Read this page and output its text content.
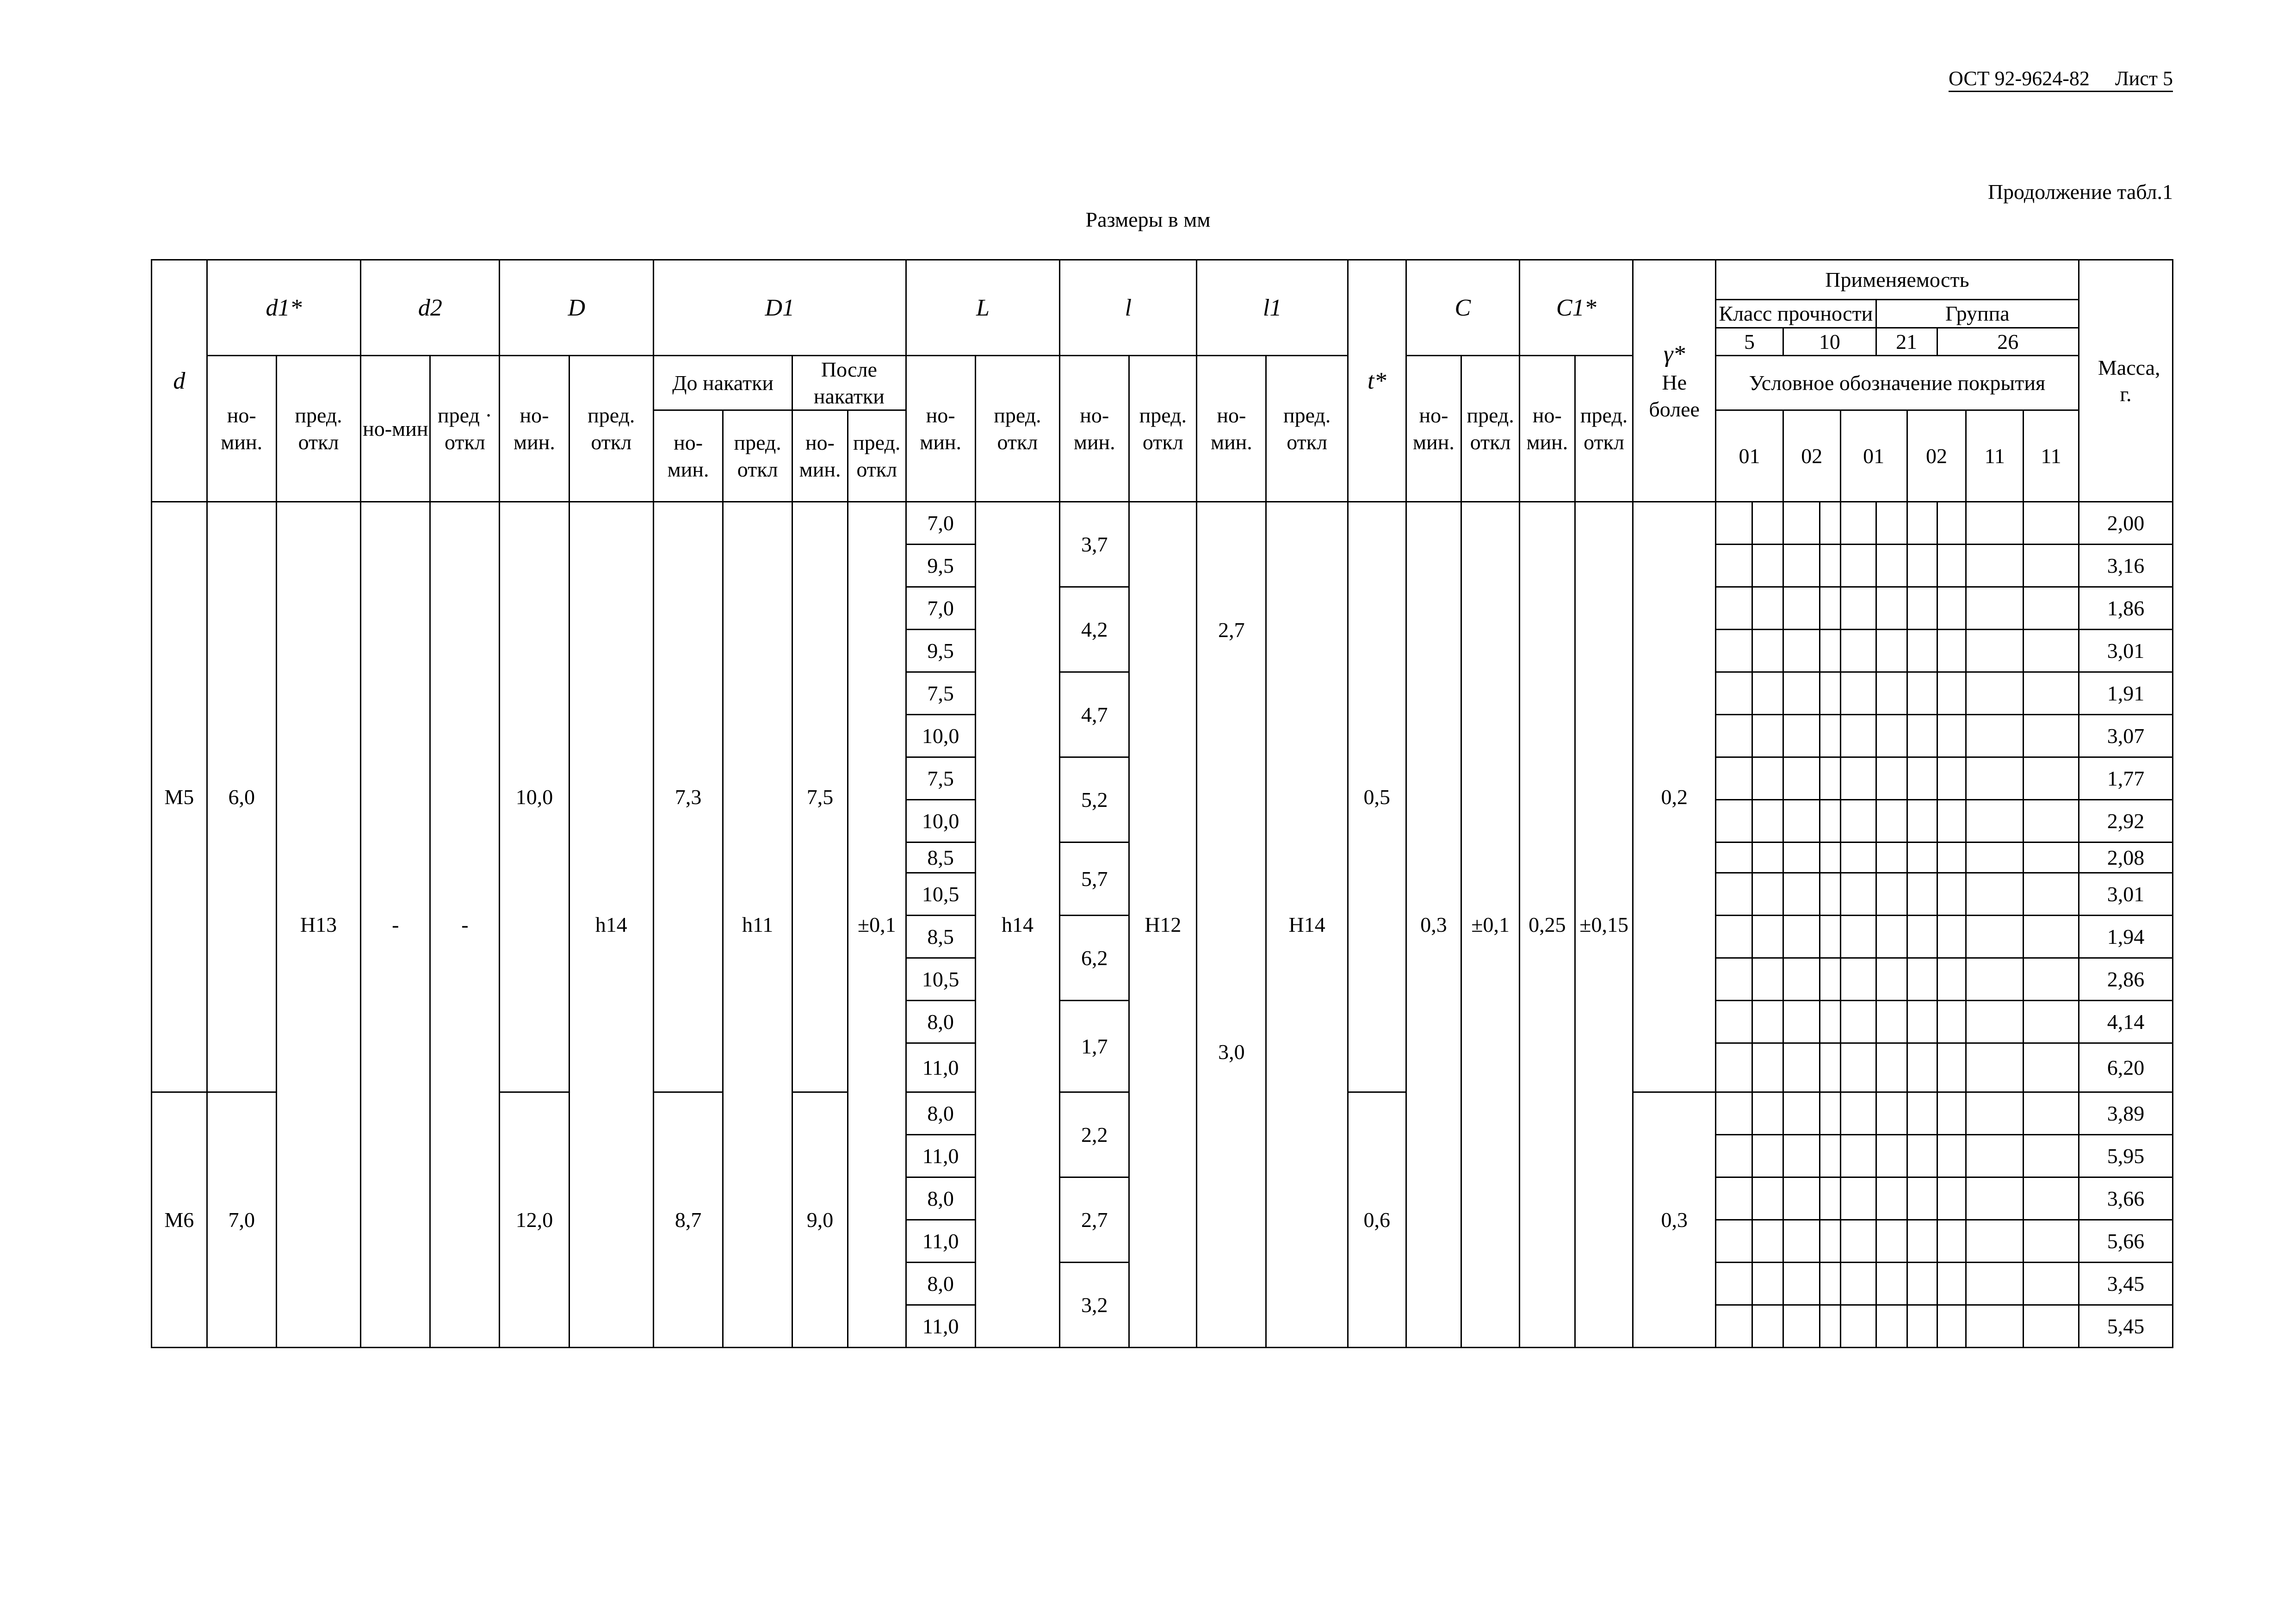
ОСТ 92-9624-82 Лист 5
Продолжение табл.1
Размеры в мм
d	d1*		d2		D		D1				L		l		l1		t*	C		C1*		γ*
Не более	Применяемость										Масса, г.
																							Класс прочности					Группа					
																							5		10			21		26			
	но-мин.	пред. откл	но-мин	пред · откл	но-мин.	пред. откл	До накатки		После накатки		но-мин.	пред. откл	но-мин.	пред. откл	но-мин.	пред. откл		но-мин.	пред. откл	но-мин.	пред. откл		Условное обозначение покрытия										
							но-мин.	пред. откл	но-мин.	пред. откл													01		02		01		02		11	11	
M5	6,0	H13	-	-	10,0	h14	7,3	h11	7,5	±0,1	7,0	h14	3,7	H12	2,7	H14	0,5	0,3	±0,1	0,25	±0,15	0,2											2,00
											9,5																						3,16
											7,0		4,2																				1,86
											9,5																						3,01
											7,5		4,7																				1,91
											10,0																						3,07
											7,5		5,2		3,0																		1,77
											10,0																						2,92
											8,5		5,7																				2,08
											10,5																						3,01
											8,5		6,2																				1,94
											10,5																						2,86
											8,0		1,7																				4,14
											11,0																						6,20
M6	7,0				12,0		8,7		9,0		8,0		2,2				0,6					0,3											3,89
											11,0																						5,95
											8,0		2,7																				3,66
											11,0																						5,66
											8,0		3,2																				3,45
											11,0																						5,45
